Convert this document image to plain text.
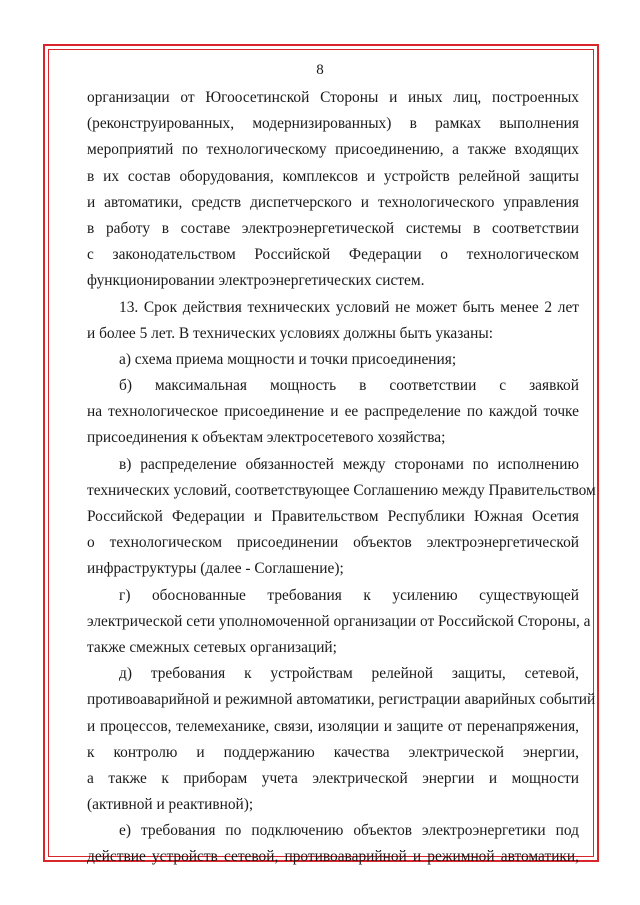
8
организации от Югоосетинской Стороны и иных лиц, построенных
(реконструированных, модернизированных) в рамках выполнения
мероприятий по технологическому присоединению, а также входящих
в их состав оборудования, комплексов и устройств релейной защиты
и автоматики, средств диспетчерского и технологического управления
в работу в составе электроэнергетической системы в соответствии
с законодательством Российской Федерации о технологическом
функционировании электроэнергетических систем.
13. Срок действия технических условий не может быть менее 2 лет
и более 5 лет. В технических условиях должны быть указаны:
а) схема приема мощности и точки присоединения;
б) максимальная мощность в соответствии с заявкой
на технологическое присоединение и ее распределение по каждой точке
присоединения к объектам электросетевого хозяйства;
в) распределение обязанностей между сторонами по исполнению
технических условий, соответствующее Соглашению между Правительством
Российской Федерации и Правительством Республики Южная Осетия
о технологическом присоединении объектов электроэнергетической
инфраструктуры (далее - Соглашение);
г) обоснованные требования к усилению существующей
электрической сети уполномоченной организации от Российской Стороны, а
также смежных сетевых организаций;
д) требования к устройствам релейной защиты, сетевой,
противоаварийной и режимной автоматики, регистрации аварийных событий
и процессов, телемеханике, связи, изоляции и защите от перенапряжения,
к контролю и поддержанию качества электрической энергии,
а также к приборам учета электрической энергии и мощности
(активной и реактивной);
е) требования по подключению объектов электроэнергетики под
действие устройств сетевой, противоаварийной и режимной автоматики,
